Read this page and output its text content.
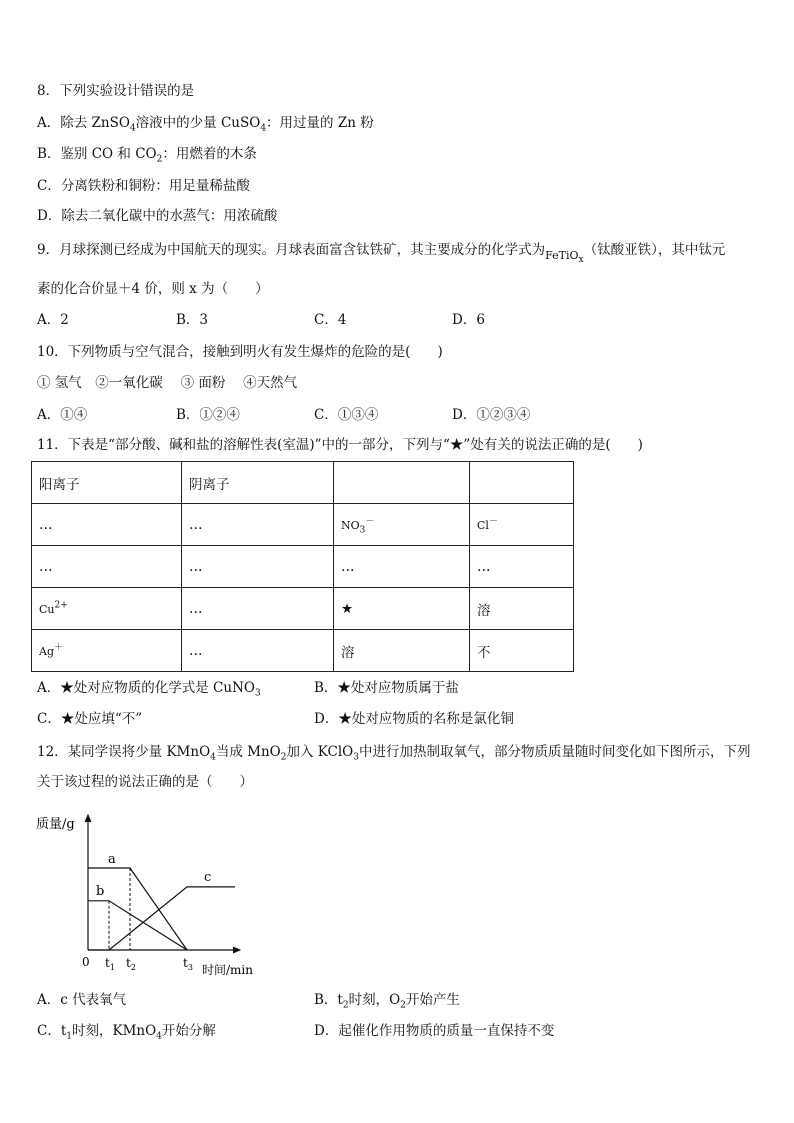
8．下列实验设计错误的是
A．除去 ZnSO$_4$溶液中的少量 CuSO$_4$：用过量的 Zn 粉
B．鉴别 CO 和 $CO_2$：用燃着的木条
C．分离铁粉和铜粉：用足量稀盐酸
D．除去二氧化碳中的水蒸气：用浓硫酸
9．月球探测已经成为中国航天的现实。月球表面富含钛铁矿，其主要成分的化学式为$_{FeTiO_x}$（钛酸亚铁），其中钛元
素的化合价显＋4 价，则 x 为（　　）
A．2	B．3	C．4	D．6
10．下列物质与空气混合，接触到明火有发生爆炸的危险的是(　　)
① 氢气　②一氧化碳　 ③ 面粉　 ④天然气
A．①④	B．①②④	C．①③④	D．①②③④
11．下表是“部分酸、碱和盐的溶解性表(室温)”中的一部分，下列与“★”处有关的说法正确的是(　　)
阳离子	阴离子		
…	…	$NO_3^-$	Cl－
…	…	…	…
$Cu^{2+}$	…	★	溶
Ag＋	…	溶	不
A．★处对应物质的化学式是 CuNO$_3$	B．★处对应物质属于盐
C．★处应填“不”	D．★处对应物质的名称是氯化铜
12．某同学误将少量 KMnO$_4$当成 MnO$_2$加入 KClO$_3$中进行加热制取氧气，部分物质质量随时间变化如下图所示，下列
关于该过程的说法正确的是（　　）
质量/g
a
b
c
$t_1$ $t_2$	$t_3$
0
时间/min
A．c 代表氧气	B．$t_2$时刻，$O_2$开始产生
C．$t_1$时刻，KMnO$_4$开始分解	D．起催化作用物质的质量一直保持不变
